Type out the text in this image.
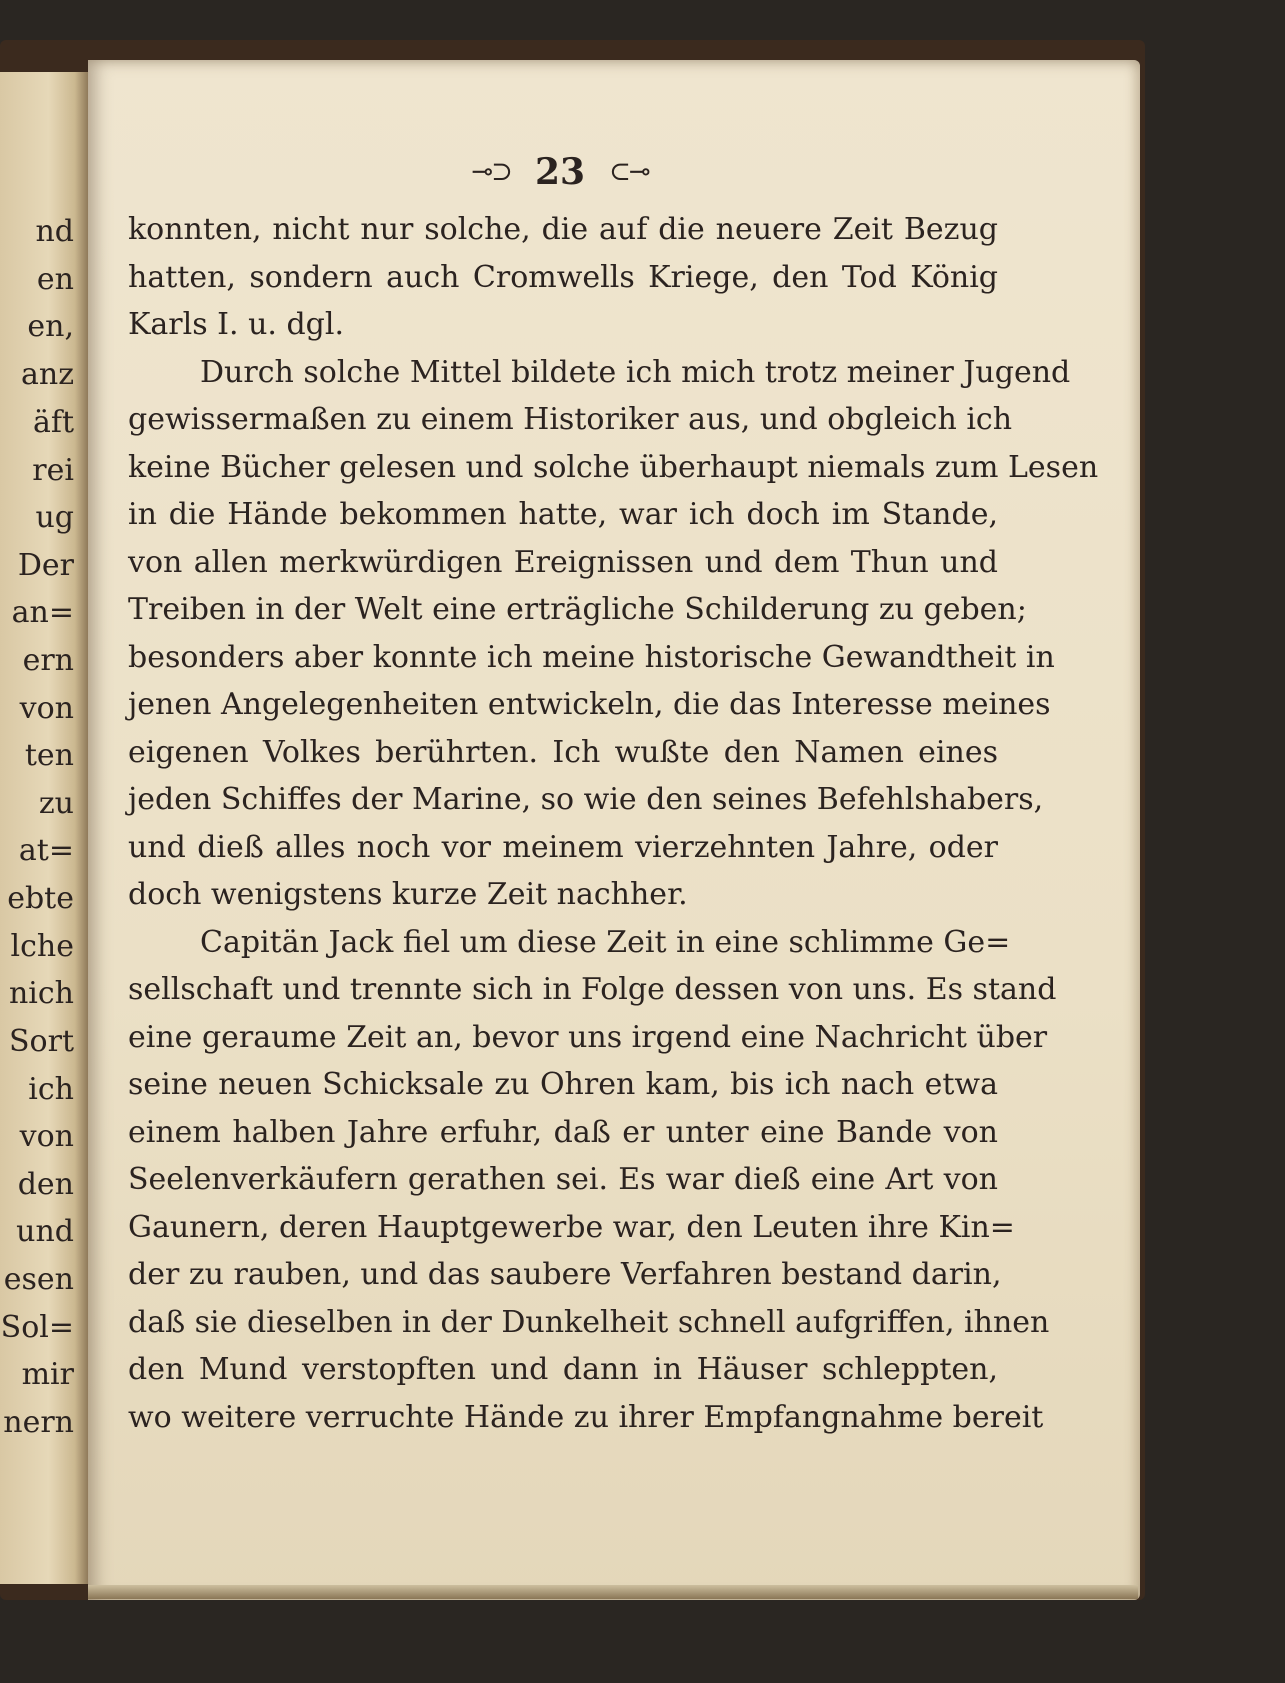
nd
en
en,
anz
äft
rei
ug
Der
an=
ern
von
ten
zu
at=
ebte
lche
nich
Sort
ich
von
den
und
esen
Sol=
mir
nern
⊸⊃ 23 ⊂⊸
konnten, nicht nur solche, die auf die neuere Zeit Bezug
hatten, sondern auch Cromwells Kriege, den Tod König
Karls I. u. dgl.
Durch solche Mittel bildete ich mich trotz meiner Jugend
gewissermaßen zu einem Historiker aus, und obgleich ich
keine Bücher gelesen und solche überhaupt niemals zum Lesen
in die Hände bekommen hatte, war ich doch im Stande,
von allen merkwürdigen Ereignissen und dem Thun und
Treiben in der Welt eine erträgliche Schilderung zu geben;
besonders aber konnte ich meine historische Gewandtheit in
jenen Angelegenheiten entwickeln, die das Interesse meines
eigenen Volkes berührten. Ich wußte den Namen eines
jeden Schiffes der Marine, so wie den seines Befehlshabers,
und dieß alles noch vor meinem vierzehnten Jahre, oder
doch wenigstens kurze Zeit nachher.
Capitän Jack fiel um diese Zeit in eine schlimme Ge=
sellschaft und trennte sich in Folge dessen von uns. Es stand
eine geraume Zeit an, bevor uns irgend eine Nachricht über
seine neuen Schicksale zu Ohren kam, bis ich nach etwa
einem halben Jahre erfuhr, daß er unter eine Bande von
Seelenverkäufern gerathen sei. Es war dieß eine Art von
Gaunern, deren Hauptgewerbe war, den Leuten ihre Kin=
der zu rauben, und das saubere Verfahren bestand darin,
daß sie dieselben in der Dunkelheit schnell aufgriffen, ihnen
den Mund verstopften und dann in Häuser schleppten,
wo weitere verruchte Hände zu ihrer Empfangnahme bereit
